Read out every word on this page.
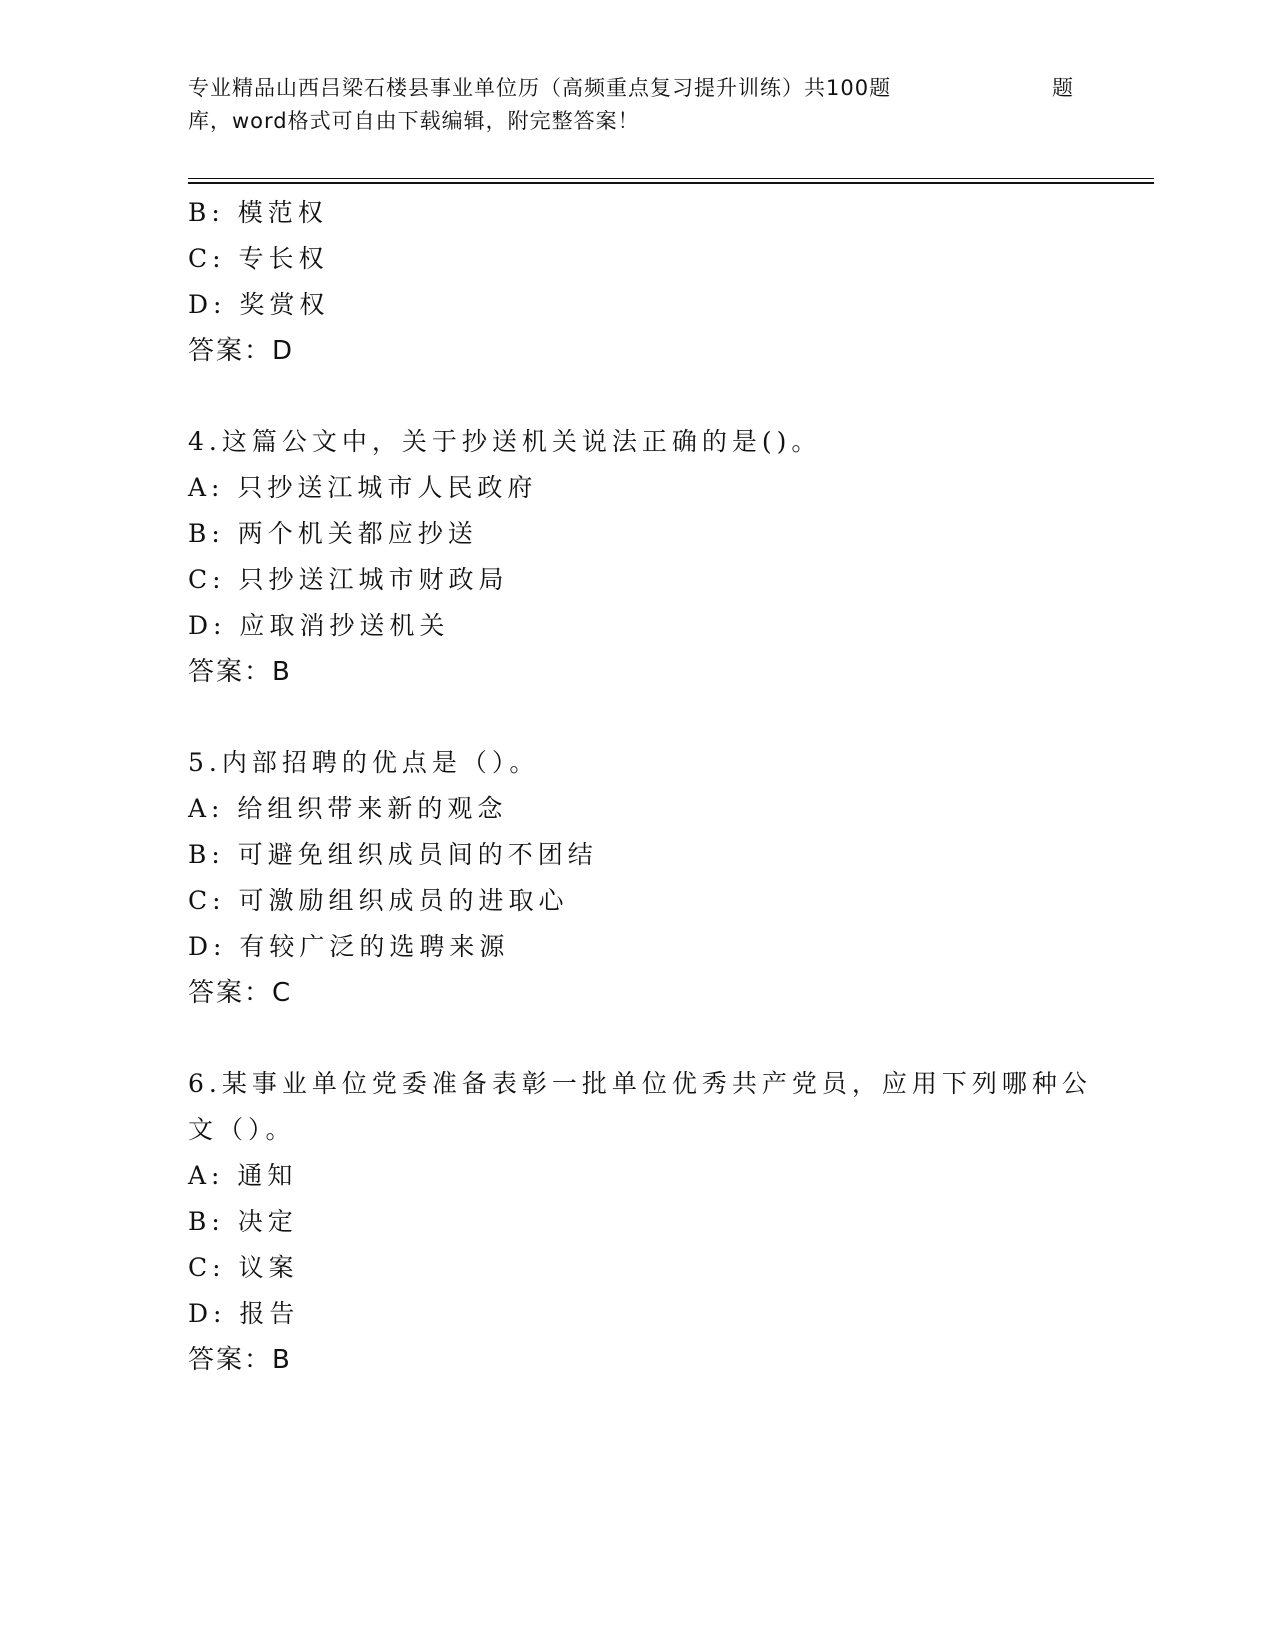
专业精品山西吕梁石楼县事业单位历（高频重点复习提升训练）共100题	题
库，word格式可自由下载编辑，附完整答案！
B: 模范权
C: 专长权
D: 奖赏权
答案：D
4.这篇公文中，关于抄送机关说法正确的是()。
A: 只抄送江城市人民政府
B: 两个机关都应抄送
C: 只抄送江城市财政局
D: 应取消抄送机关
答案：B
5.内部招聘的优点是（）。
A: 给组织带来新的观念
B: 可避免组织成员间的不团结
C: 可激励组织成员的进取心
D: 有较广泛的选聘来源
答案：C
6.某事业单位党委准备表彰一批单位优秀共产党员，应用下列哪种公
文（）。
A: 通知
B: 决定
C: 议案
D: 报告
答案：B
